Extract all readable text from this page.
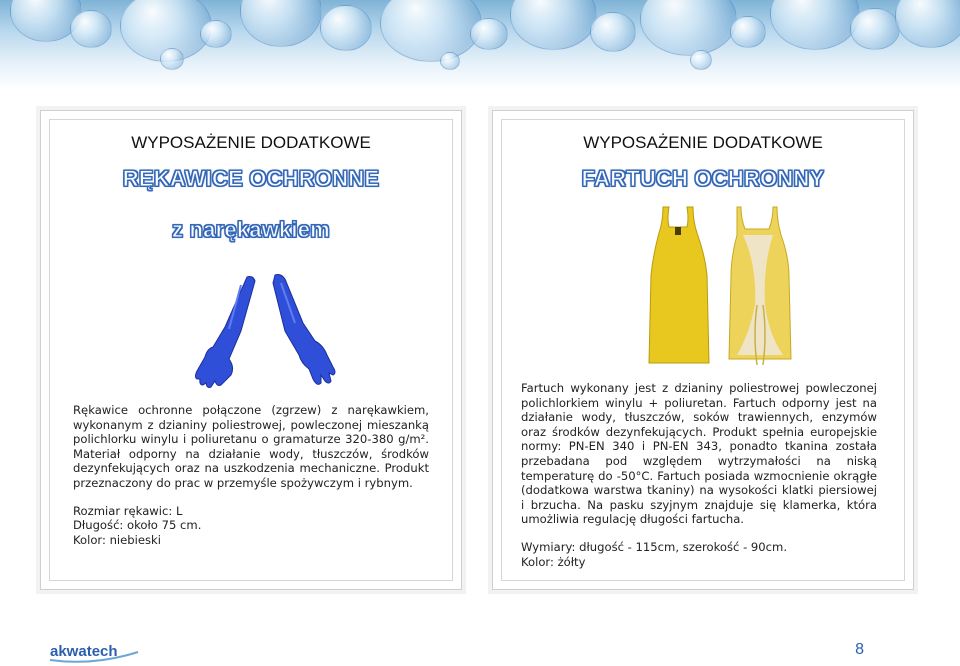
WYPOSAŻENIE DODATKOWE
RĘKAWICE OCHRONNE
z narękawkiem

Rękawice ochronne połączone (zgrzew) z narękawkiem, wykonanym z dzianiny poliestrowej, powleczonej mieszanką polichlorku winylu i poliuretanu o gramaturze 320-380 g/m². Materiał odporny na działanie wody, tłuszczów, środków dezynfekujących oraz na uszkodzenia mechaniczne. Produkt przeznaczony do prac w przemyśle spożywczym i rybnym.

Rozmiar rękawic: L

Długość: około 75 cm.

Kolor: niebieski

WYPOSAŻENIE DODATKOWE
FARTUCH OCHRONNY

Fartuch wykonany jest z dzianiny poliestrowej powleczonej polichlorkiem winylu + poliuretan. Fartuch odporny jest na działanie wody, tłuszczów, soków trawiennych, enzymów oraz środków dezynfekujących. Produkt spełnia europejskie normy: PN-EN 340 i PN-EN 343, ponadto tkanina została przebadana pod względem wytrzymałości na niską temperaturę do -50°C. Fartuch posiada wzmocnienie okrągłe (dodatkowa warstwa tkaniny) na wysokości klatki piersiowej i brzucha. Na pasku szyjnym znajduje się klamerka, która umożliwia regulację długości fartucha.

Wymiary: długość - 115cm, szerokość - 90cm.

Kolor: żółty

akwatech	8
